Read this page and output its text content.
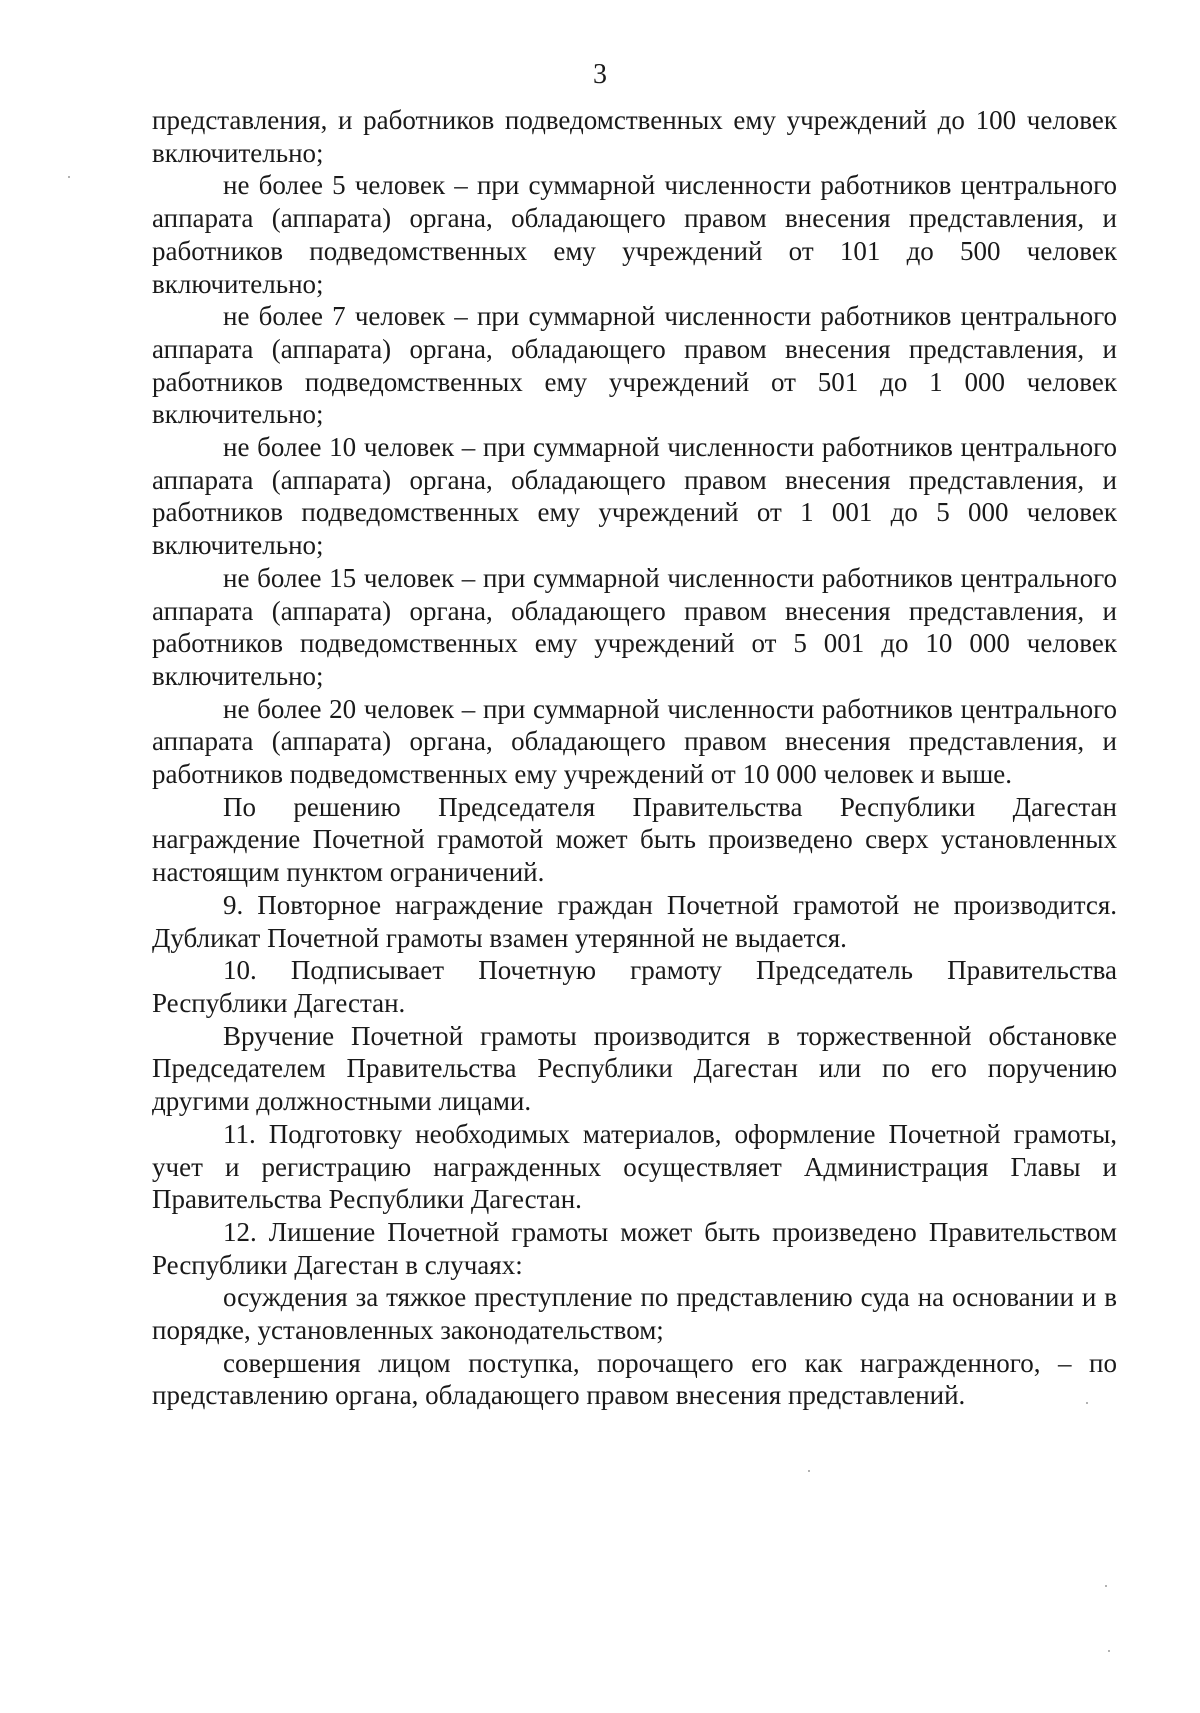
3

представления, и работников подведомственных ему учреждений до 100 человек включительно;

не более 5 человек – при суммарной численности работников центрального аппарата (аппарата) органа, обладающего правом внесения представления, и работников подведомственных ему учреждений от 101 до 500 человек включительно;

не более 7 человек – при суммарной численности работников центрального аппарата (аппарата) органа, обладающего правом внесения представления, и работников подведомственных ему учреждений от 501 до 1 000 человек включительно;

не более 10 человек – при суммарной численности работников центрального аппарата (аппарата) органа, обладающего правом внесения представления, и работников подведомственных ему учреждений от 1 001 до 5 000 человек включительно;

не более 15 человек – при суммарной численности работников центрального аппарата (аппарата) органа, обладающего правом внесения представления, и работников подведомственных ему учреждений от 5 001 до 10 000 человек включительно;

не более 20 человек – при суммарной численности работников центрального аппарата (аппарата) органа, обладающего правом внесения представления, и работников подведомственных ему учреждений от 10 000 человек и выше.

По решению Председателя Правительства Республики Дагестан награждение Почетной грамотой может быть произведено сверх установленных настоящим пунктом ограничений.

9. Повторное награждение граждан Почетной грамотой не производится. Дубликат Почетной грамоты взамен утерянной не выдается.

10. Подписывает Почетную грамоту Председатель Правительства Республики Дагестан.

Вручение Почетной грамоты производится в торжественной обстановке Председателем Правительства Республики Дагестан или по его поручению другими должностными лицами.

11. Подготовку необходимых материалов, оформление Почетной грамоты, учет и регистрацию награжденных осуществляет Администрация Главы и Правительства Республики Дагестан.

12. Лишение Почетной грамоты может быть произведено Правительством Республики Дагестан в случаях:

осуждения за тяжкое преступление по представлению суда на основании и в порядке, установленных законодательством;

совершения лицом поступка, порочащего его как награжденного, – по представлению органа, обладающего правом внесения представлений.
